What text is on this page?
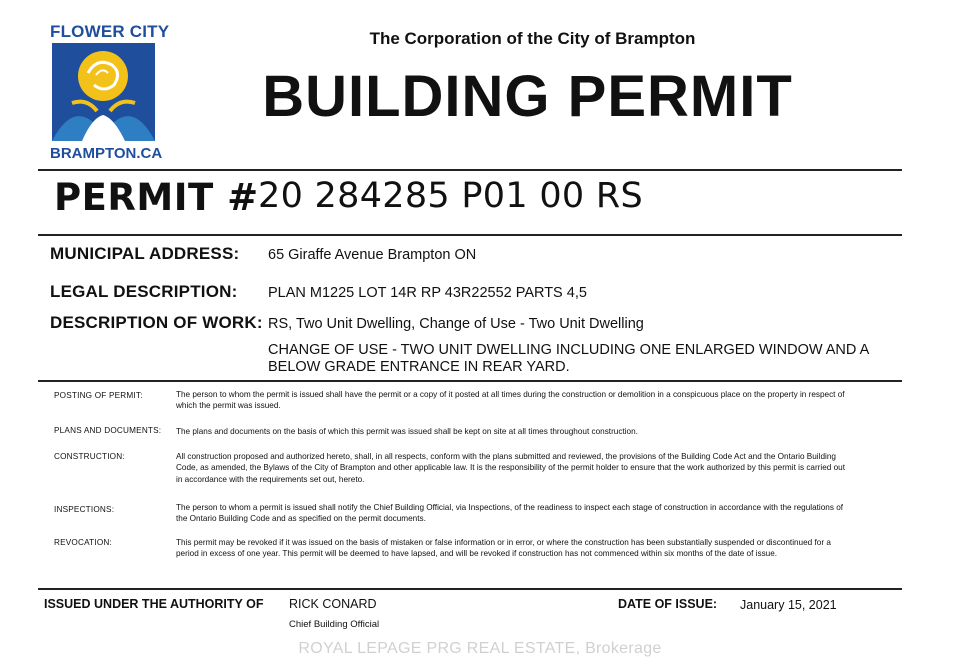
FLOWER CITY
BRAMPTON.CA
The Corporation of the City of Brampton
BUILDING PERMIT
PERMIT # 20 284285 P01 00 RS
MUNICIPAL ADDRESS: 65 Giraffe Avenue Brampton ON
LEGAL DESCRIPTION: PLAN M1225 LOT 14R RP 43R22552 PARTS 4,5
DESCRIPTION OF WORK: RS, Two Unit Dwelling, Change of Use - Two Unit Dwelling
CHANGE OF USE - TWO UNIT DWELLING INCLUDING ONE ENLARGED WINDOW AND A BELOW GRADE ENTRANCE IN REAR YARD.
POSTING OF PERMIT:	The person to whom the permit is issued shall have the permit or a copy of it posted at all times during the construction or demolition in a conspicuous place on the property in respect of which the permit was issued.
PLANS AND DOCUMENTS: The plans and documents on the basis of which this permit was issued shall be kept on site at all times throughout construction.
CONSTRUCTION:	All construction proposed and authorized hereto, shall, in all respects, conform with the plans submitted and reviewed, the provisions of the Building Code Act and the Ontario Building Code, as amended, the Bylaws of the City of Brampton and other applicable law. It is the responsibility of the permit holder to ensure that the work authorized by this permit is carried out in accordance with the requirements set out, hereto.
INSPECTIONS:	The person to whom a permit is issued shall notify the Chief Building Official, via Inspections, of the readiness to inspect each stage of construction in accordance with the regulations of the Ontario Building Code and as specified on the permit documents.
REVOCATION:	This permit may be revoked if it was issued on the basis of mistaken or false information or in error, or where the construction has been substantially suspended or discontinued for a period in excess of one year. This permit will be deemed to have lapsed, and will be revoked if construction has not commenced within six months of the date of issue.
ISSUED UNDER THE AUTHORITY OF RICK CONARD
Chief Building Official
DATE OF ISSUE: January 15, 2021
ROYAL LEPAGE PRG REAL ESTATE, Brokerage
